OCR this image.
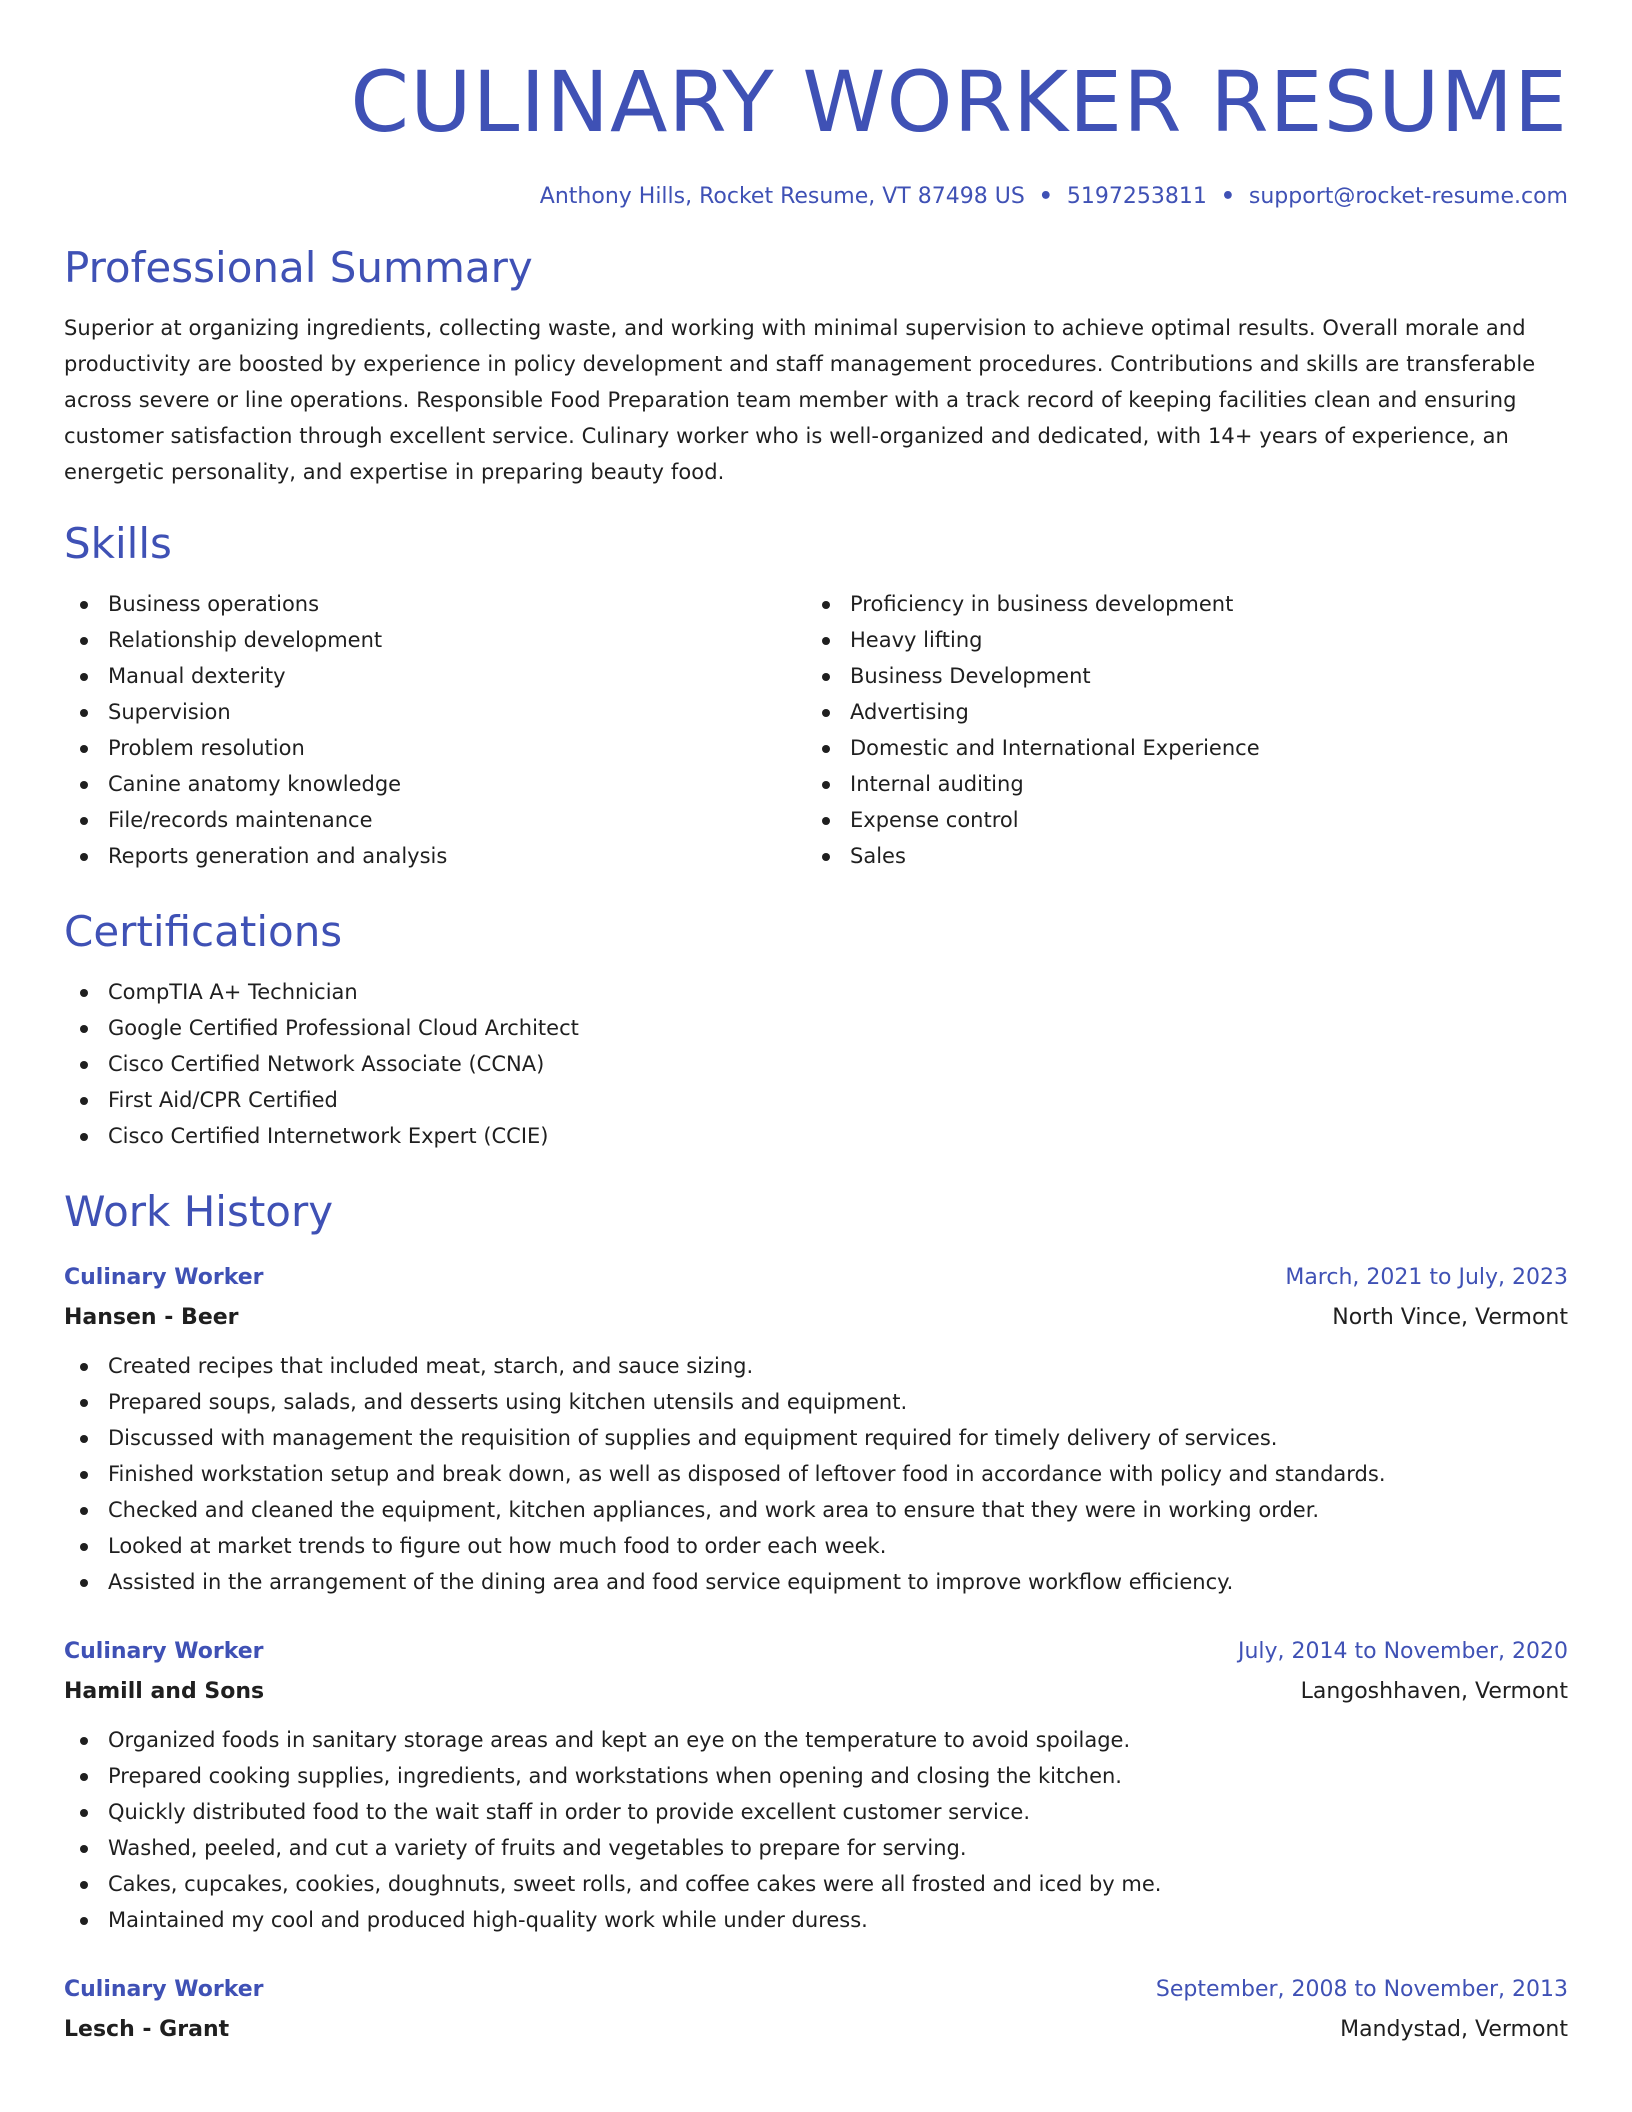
CULINARY WORKER RESUME
Anthony Hills, Rocket Resume, VT 87498 US • 5197253811 • support@rocket-resume.com
Professional Summary

Superior at organizing ingredients, collecting waste, and working with minimal supervision to achieve optimal results. Overall morale and productivity are boosted by experience in policy development and staff management procedures. Contributions and skills are transferable across severe or line operations. Responsible Food Preparation team member with a track record of keeping facilities clean and ensuring customer satisfaction through excellent service. Culinary worker who is well-organized and dedicated, with 14+ years of experience, an energetic personality, and expertise in preparing beauty food.

Skills
Business operations
Relationship development
Manual dexterity
Supervision
Problem resolution
Canine anatomy knowledge
File/records maintenance
Reports generation and analysis
Proficiency in business development
Heavy lifting
Business Development
Advertising
Domestic and International Experience
Internal auditing
Expense control
Sales
Certifications
CompTIA A+ Technician
Google Certified Professional Cloud Architect
Cisco Certified Network Associate (CCNA)
First Aid/CPR Certified
Cisco Certified Internetwork Expert (CCIE)
Work History
Culinary Worker	March, 2021 to July, 2023
Hansen - Beer	North Vince, Vermont
Created recipes that included meat, starch, and sauce sizing.
Prepared soups, salads, and desserts using kitchen utensils and equipment.
Discussed with management the requisition of supplies and equipment required for timely delivery of services.
Finished workstation setup and break down, as well as disposed of leftover food in accordance with policy and standards.
Checked and cleaned the equipment, kitchen appliances, and work area to ensure that they were in working order.
Looked at market trends to figure out how much food to order each week.
Assisted in the arrangement of the dining area and food service equipment to improve workflow efficiency.
Culinary Worker	July, 2014 to November, 2020
Hamill and Sons	Langoshhaven, Vermont
Organized foods in sanitary storage areas and kept an eye on the temperature to avoid spoilage.
Prepared cooking supplies, ingredients, and workstations when opening and closing the kitchen.
Quickly distributed food to the wait staff in order to provide excellent customer service.
Washed, peeled, and cut a variety of fruits and vegetables to prepare for serving.
Cakes, cupcakes, cookies, doughnuts, sweet rolls, and coffee cakes were all frosted and iced by me.
Maintained my cool and produced high-quality work while under duress.
Culinary Worker	September, 2008 to November, 2013
Lesch - Grant	Mandystad, Vermont
